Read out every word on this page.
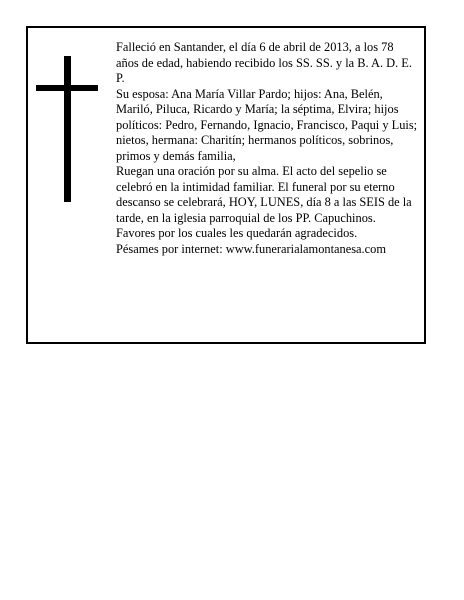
Falleció en Santander, el día 6 de abril de 2013, a los 78 años de edad, habiendo recibido los SS. SS. y la B. A. D. E. P.

Su esposa: Ana María Villar Pardo; hijos: Ana, Belén, Mariló, Piluca, Ricardo y María; la séptima, Elvira; hijos políticos: Pedro, Fernando, Ignacio, Francisco, Paqui y Luis; nietos, hermana: Charitín; hermanos políticos, sobrinos, primos y demás familia,

Ruegan una oración por su alma. El acto del sepelio se celebró en la intimidad familiar. El funeral por su eterno descanso se celebrará, HOY, LUNES, día 8 a las SEIS de la tarde, en la iglesia parroquial de los PP. Capuchinos. Favores por los cuales les quedarán agradecidos.

Pésames por internet: www.funerarialamontanesa.com
